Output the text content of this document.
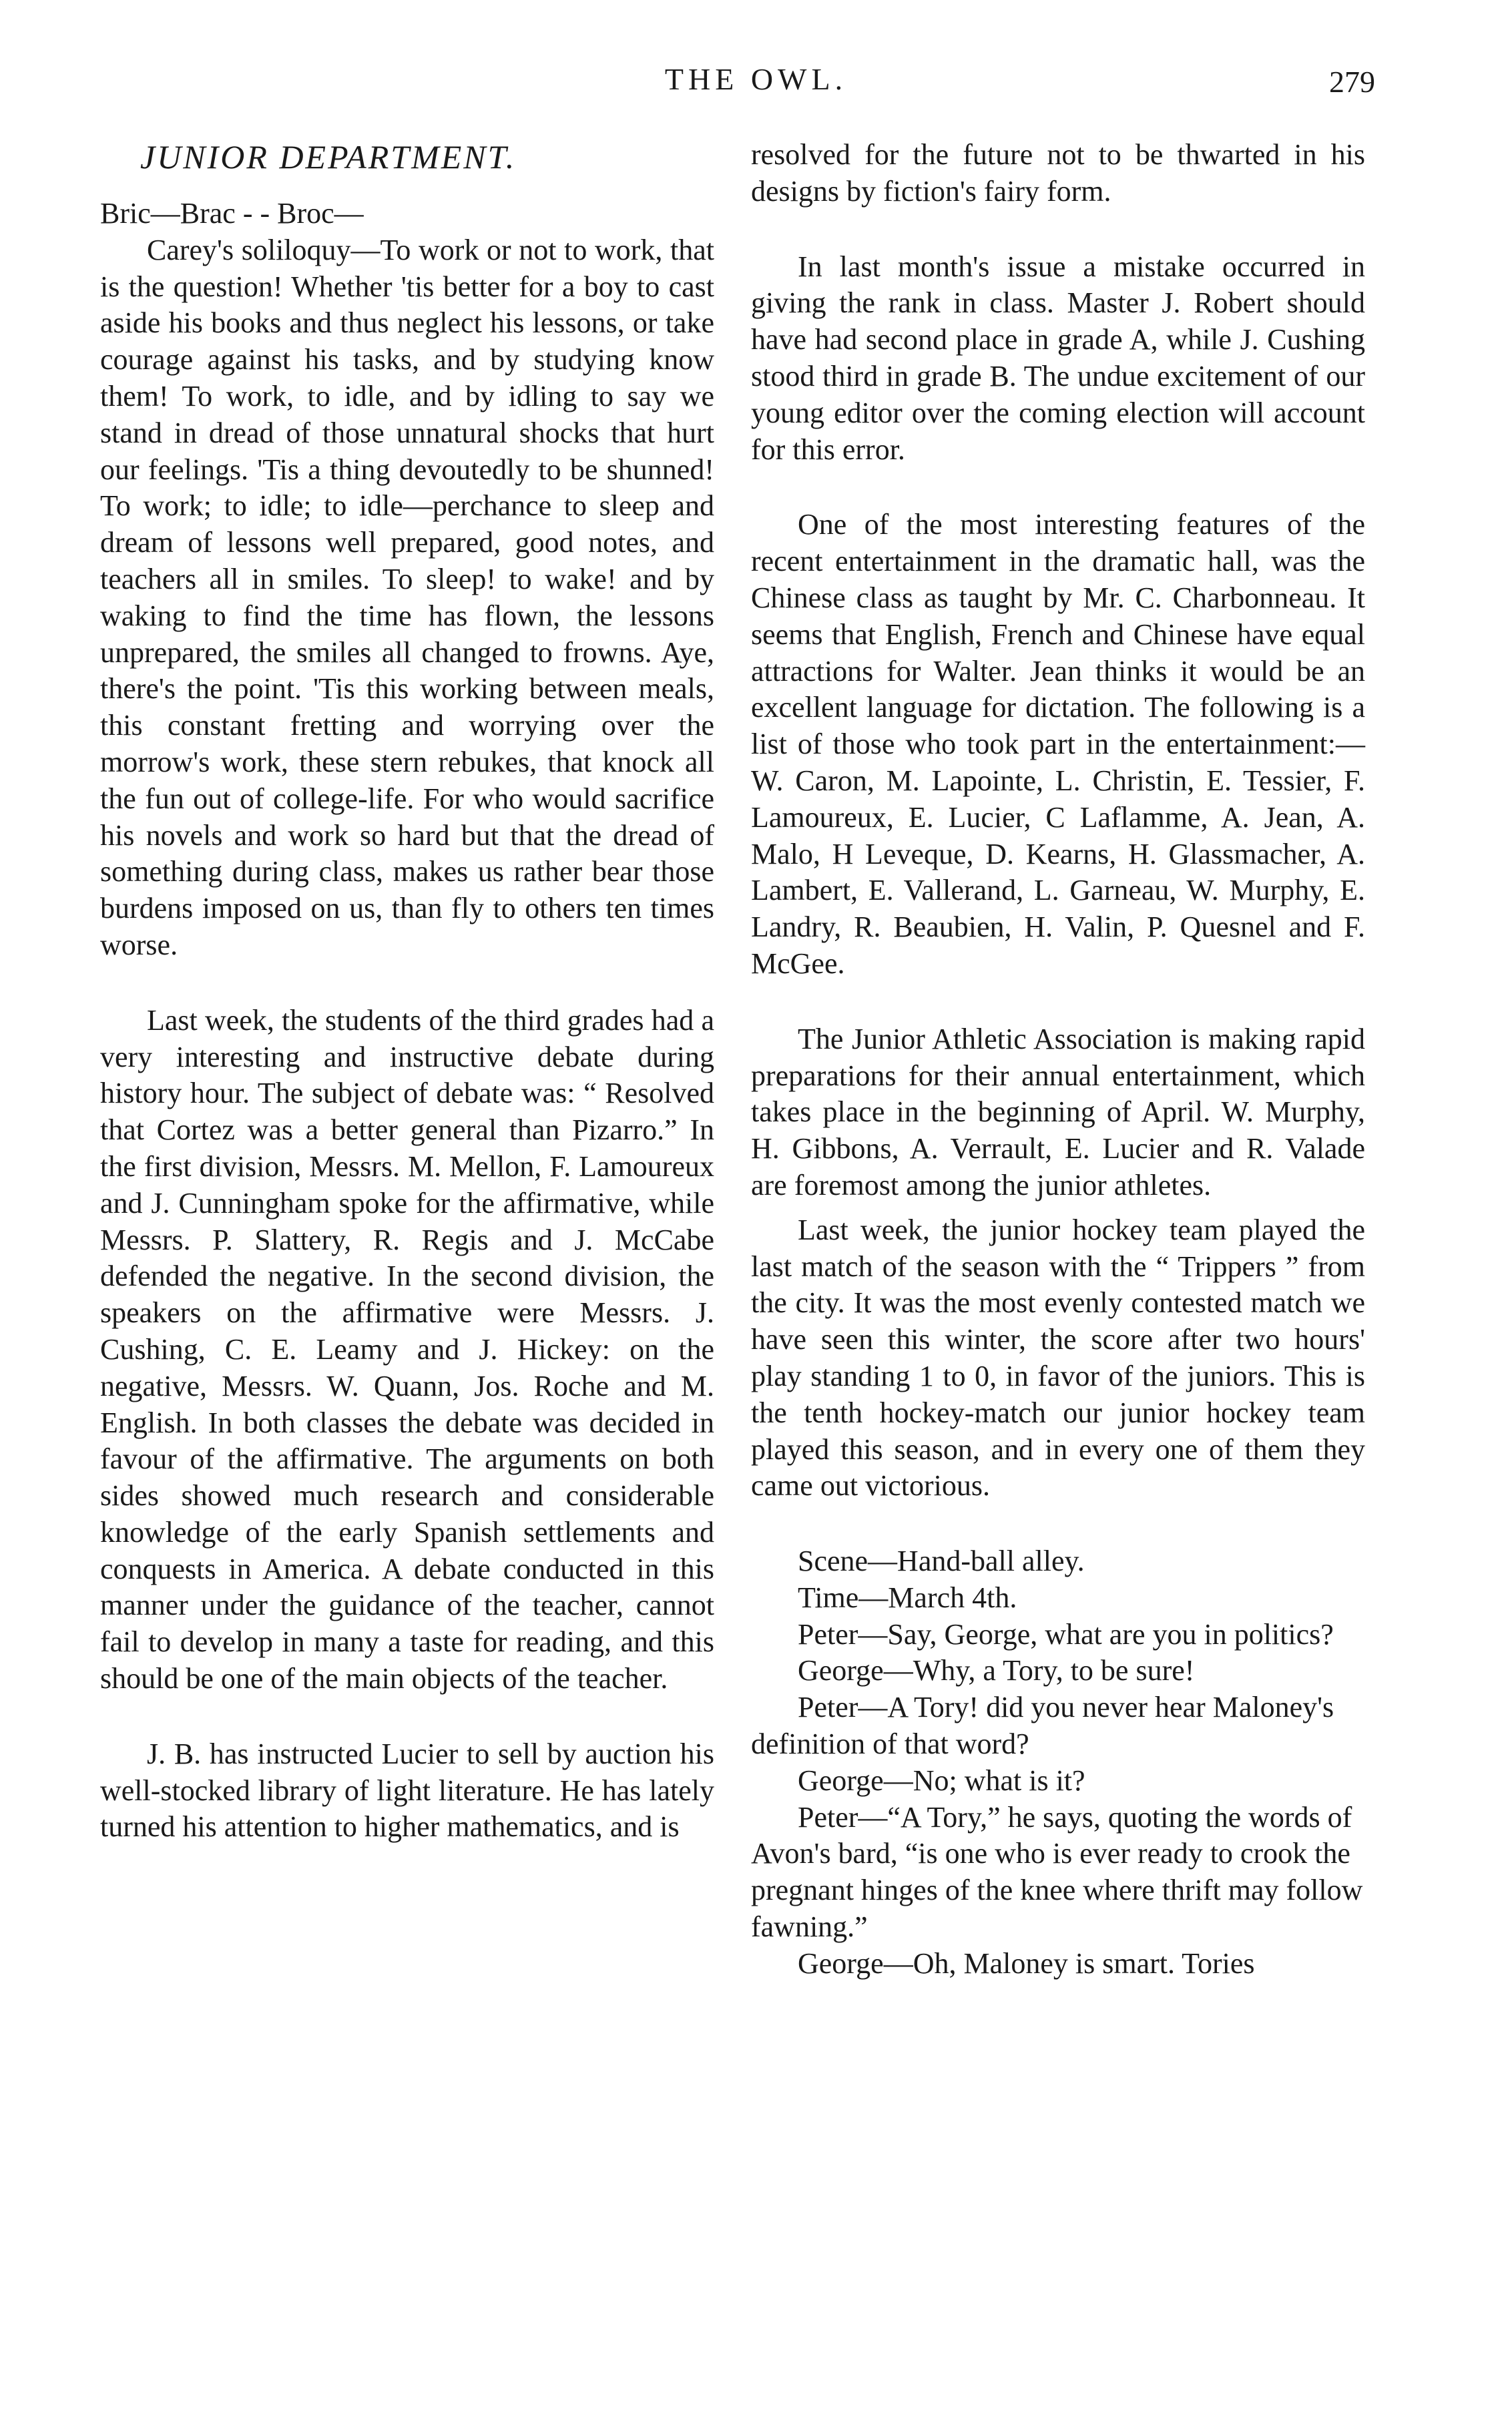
THE OWL.	279
JUNIOR DEPARTMENT.

Bric—Brac - - Broc—

Carey's soliloquy—To work or not to work, that is the question! Whether 'tis better for a boy to cast aside his books and thus neglect his lessons, or take courage against his tasks, and by studying know them! To work, to idle, and by idling to say we stand in dread of those unnatural shocks that hurt our feelings. 'Tis a thing devoutedly to be shunned! To work; to idle; to idle—perchance to sleep and dream of lessons well prepared, good notes, and teachers all in smiles. To sleep! to wake! and by waking to find the time has flown, the lessons unprepared, the smiles all changed to frowns. Aye, there's the point. 'Tis this working between meals, this constant fretting and worrying over the morrow's work, these stern rebukes, that knock all the fun out of college-life. For who would sacrifice his novels and work so hard but that the dread of something during class, makes us rather bear those burdens imposed on us, than fly to others ten times worse.

Last week, the students of the third grades had a very interesting and instructive debate during history hour. The subject of debate was: “ Resolved that Cortez was a better general than Pizarro.” In the first division, Messrs. M. Mellon, F. Lamoureux and J. Cunningham spoke for the affirmative, while Messrs. P. Slattery, R. Regis and J. McCabe defended the negative. In the second division, the speakers on the affirmative were Messrs. J. Cushing, C. E. Leamy and J. Hickey: on the negative, Messrs. W. Quann, Jos. Roche and M. English. In both classes the debate was decided in favour of the affirmative. The arguments on both sides showed much research and considerable knowledge of the early Spanish settlements and conquests in America. A debate conducted in this manner under the guidance of the teacher, cannot fail to develop in many a taste for reading, and this should be one of the main objects of the teacher.

J. B. has instructed Lucier to sell by auction his well-stocked library of light literature. He has lately turned his attention to higher mathematics, and is

resolved for the future not to be thwarted in his designs by fiction's fairy form.

In last month's issue a mistake occurred in giving the rank in class. Master J. Robert should have had second place in grade A, while J. Cushing stood third in grade B. The undue excitement of our young editor over the coming election will account for this error.

One of the most interesting features of the recent entertainment in the dramatic hall, was the Chinese class as taught by Mr. C. Charbonneau. It seems that English, French and Chinese have equal attractions for Walter. Jean thinks it would be an excellent language for dictation. The following is a list of those who took part in the entertainment:—W. Caron, M. Lapointe, L. Christin, E. Tessier, F. Lamoureux, E. Lucier, C Laflamme, A. Jean, A. Malo, H Leveque, D. Kearns, H. Glassmacher, A. Lambert, E. Vallerand, L. Garneau, W. Murphy, E. Landry, R. Beaubien, H. Valin, P. Quesnel and F. McGee.

The Junior Athletic Association is making rapid preparations for their annual entertainment, which takes place in the beginning of April. W. Murphy, H. Gibbons, A. Verrault, E. Lucier and R. Valade are foremost among the junior athletes.

Last week, the junior hockey team played the last match of the season with the “ Trippers ” from the city. It was the most evenly contested match we have seen this winter, the score after two hours' play standing 1 to 0, in favor of the juniors. This is the tenth hockey-match our junior hockey team played this season, and in every one of them they came out victorious.

Scene—Hand-ball alley.

Time—March 4th.

Peter—Say, George, what are you in politics?

George—Why, a Tory, to be sure!

Peter—A Tory! did you never hear Maloney's definition of that word?

George—No; what is it?

Peter—“A Tory,” he says, quoting the words of Avon's bard, “is one who is ever ready to crook the pregnant hinges of the knee where thrift may follow fawning.”

George—Oh, Maloney is smart. Tories
